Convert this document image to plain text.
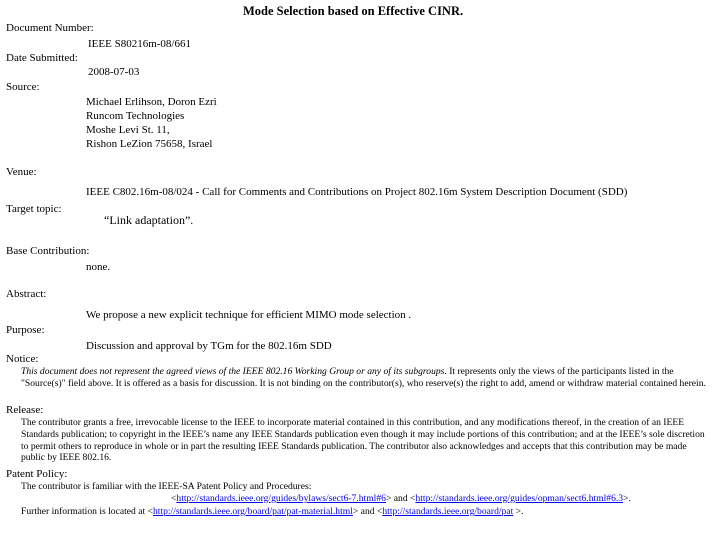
Mode Selection based on Effective CINR.
Document Number:
IEEE S80216m-08/661
Date Submitted:
2008-07-03
Source:
Michael Erlihson, Doron Ezri
Runcom Technologies
Moshe Levi St. 11,
Rishon LeZion 75658, Israel
Venue:
IEEE C802.16m-08/024 - Call for Comments and Contributions on Project 802.16m System Description Document (SDD)
Target topic:
“Link adaptation”.
Base Contribution:
none.
Abstract:
We propose a new explicit technique for efficient MIMO mode selection .
Purpose:
Discussion and approval by TGm for the 802.16m SDD
Notice:
This document does not represent the agreed views of the IEEE 802.16 Working Group or any of its subgroups. It represents only the views of the participants listed in the "Source(s)" field above. It is offered as a basis for discussion. It is not binding on the contributor(s), who reserve(s) the right to add, amend or withdraw material contained herein.
Release:
The contributor grants a free, irrevocable license to the IEEE to incorporate material contained in this contribution, and any modifications thereof, in the creation of an IEEE Standards publication; to copyright in the IEEE’s name any IEEE Standards publication even though it may include portions of this contribution; and at the IEEE’s sole discretion to permit others to reproduce in whole or in part the resulting IEEE Standards publication. The contributor also acknowledges and accepts that this contribution may be made public by IEEE 802.16.
Patent Policy:
The contributor is familiar with the IEEE-SA Patent Policy and Procedures:
<http://standards.ieee.org/guides/bylaws/sect6-7.html#6> and <http://standards.ieee.org/guides/opman/sect6.html#6.3>.
Further information is located at <http://standards.ieee.org/board/pat/pat-material.html> and <http://standards.ieee.org/board/pat >.
